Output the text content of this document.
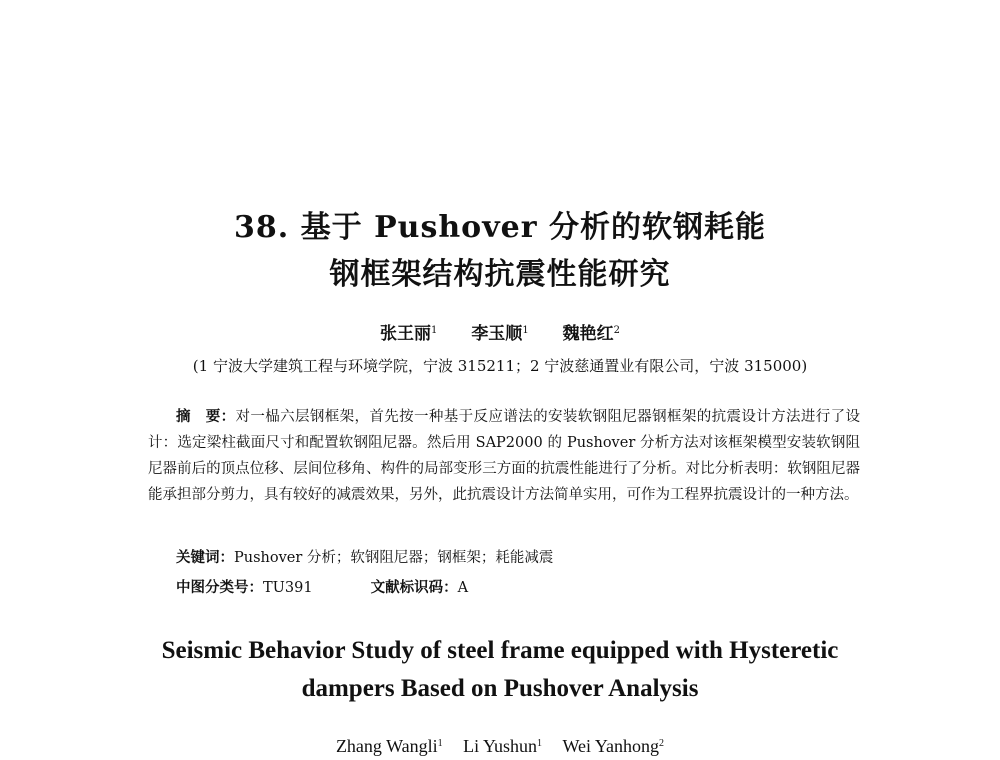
38. 基于 Pushover 分析的软钢耗能
钢框架结构抗震性能研究
张王丽$^1$ 李玉顺$^1$ 魏艳红$^2$
(1 宁波大学建筑工程与环境学院，宁波 315211；2 宁波慈通置业有限公司，宁波 315000)

摘　要：对一榀六层钢框架，首先按一种基于反应谱法的安装软钢阻尼器钢框架的抗震设计方法进行了设计：选定梁柱截面尺寸和配置软钢阻尼器。然后用 SAP2000 的 Pushover 分析方法对该框架模型安装软钢阻尼器前后的顶点位移、层间位移角、构件的局部变形三方面的抗震性能进行了分析。对比分析表明：软钢阻尼器能承担部分剪力，具有较好的减震效果，另外，此抗震设计方法简单实用，可作为工程界抗震设计的一种方法。

关键词：Pushover 分析；软钢阻尼器；钢框架；耗能减震
中图分类号：TU391	文献标识码：A
Seismic Behavior Study of steel frame equipped with Hysteretic
dampers Based on Pushover Analysis
Zhang Wangli$^1$ Li Yushun$^1$ Wei Yanhong$^2$
